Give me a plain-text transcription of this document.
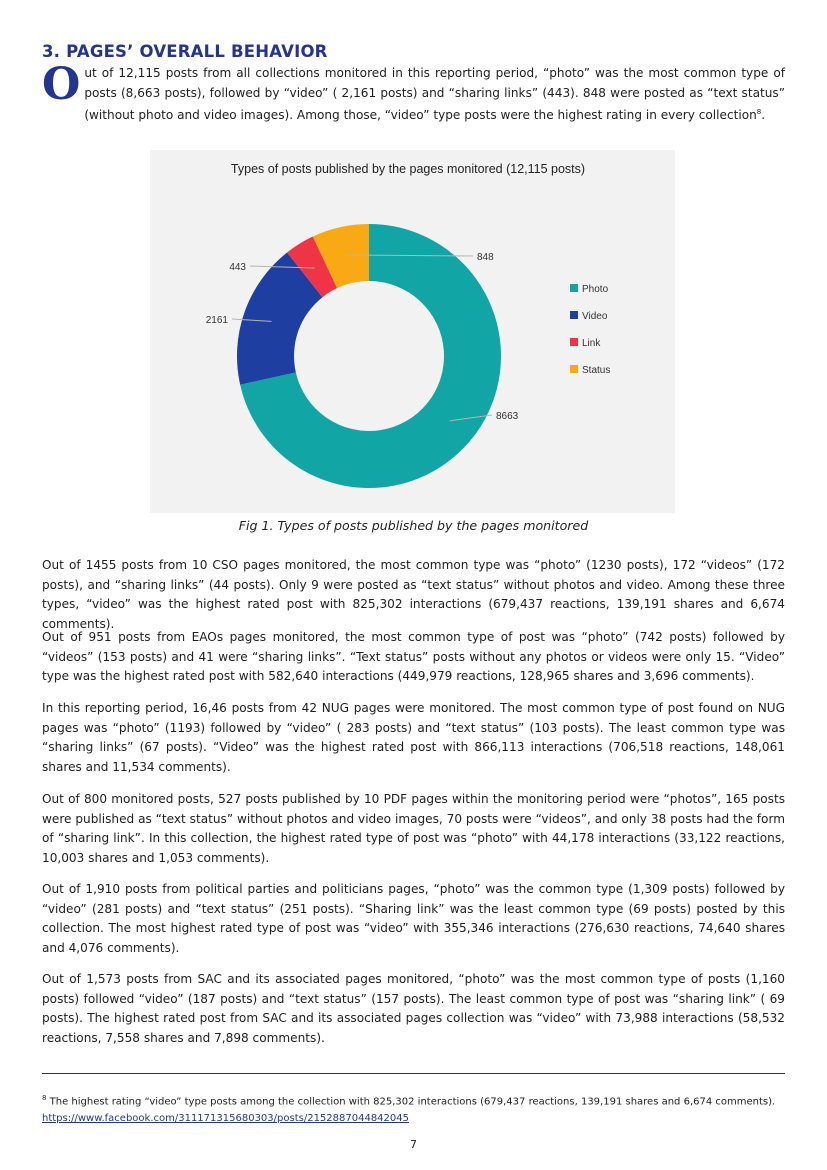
3. PAGES’ OVERALL BEHAVIOR

Out of 12,115 posts from all collections monitored in this reporting period, “photo” was the most common type of posts (8,663 posts), followed by “video” ( 2,161 posts) and “sharing links” (443). 848 were posted as “text status” (without photo and video images). Among those, “video” type posts were the highest rating in every collection$^8$.

Types of posts published by the pages monitored (12,115 posts)
8663
2161
443
848
Photo
Video
Link
Status

Fig 1. Types of posts published by the pages monitored

Out of 1455 posts from 10 CSO pages monitored, the most common type was “photo” (1230 posts), 172 “videos” (172 posts), and “sharing links” (44 posts). Only 9 were posted as “text status” without photos and video. Among these three types, “video” was the highest rated post with 825,302 interactions (679,437 reactions, 139,191 shares and 6,674 comments).

Out of 951 posts from EAOs pages monitored, the most common type of post was “photo” (742 posts) followed by “videos” (153 posts) and 41 were “sharing links”. “Text status” posts without any photos or videos were only 15. “Video” type was the highest rated post with 582,640 interactions (449,979 reactions, 128,965 shares and 3,696 comments).

In this reporting period, 16,46 posts from 42 NUG pages were monitored. The most common type of post found on NUG pages was “photo” (1193) followed by “video” ( 283 posts) and “text status” (103 posts). The least common type was “sharing links” (67 posts). “Video” was the highest rated post with 866,113 interactions (706,518 reactions, 148,061 shares and 11,534 comments).

Out of 800 monitored posts, 527 posts published by 10 PDF pages within the monitoring period were “photos”, 165 posts were published as “text status” without photos and video images, 70 posts were “videos”, and only 38 posts had the form of “sharing link”. In this collection, the highest rated type of post was “photo” with 44,178 interactions (33,122 reactions, 10,003 shares and 1,053 comments).

Out of 1,910 posts from political parties and politicians pages, “photo” was the common type (1,309 posts) followed by “video” (281 posts) and “text status” (251 posts). “Sharing link” was the least common type (69 posts) posted by this collection. The most highest rated type of post was “video” with 355,346 interactions (276,630 reactions, 74,640 shares and 4,076 comments).

Out of 1,573 posts from SAC and its associated pages monitored, “photo” was the most common type of posts (1,160 posts) followed “video” (187 posts) and “text status” (157 posts). The least common type of post was “sharing link” ( 69 posts). The highest rated post from SAC and its associated pages collection was “video” with 73,988 interactions (58,532 reactions, 7,558 shares and 7,898 comments).

$^8$ The highest rating “video” type posts among the collection with 825,302 interactions (679,437 reactions, 139,191 shares and 6,674 comments). https://www.facebook.com/311171315680303/posts/2152887044842045

7
